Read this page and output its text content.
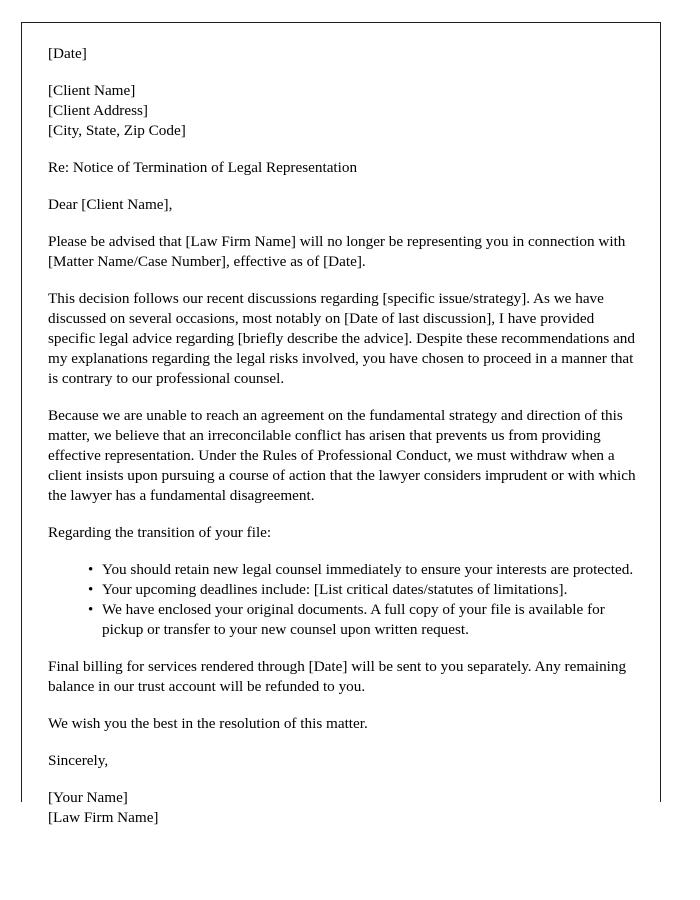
[Date]

[Client Name]
[Client Address]
[City, State, Zip Code]

Re: Notice of Termination of Legal Representation

Dear [Client Name],

Please be advised that [Law Firm Name] will no longer be representing you in connection with [Matter Name/Case Number], effective as of [Date].

This decision follows our recent discussions regarding [specific issue/strategy]. As we have discussed on several occasions, most notably on [Date of last discussion], I have provided specific legal advice regarding [briefly describe the advice]. Despite these recommendations and my explanations regarding the legal risks involved, you have chosen to proceed in a manner that is contrary to our professional counsel.

Because we are unable to reach an agreement on the fundamental strategy and direction of this matter, we believe that an irreconcilable conflict has arisen that prevents us from providing effective representation. Under the Rules of Professional Conduct, we must withdraw when a client insists upon pursuing a course of action that the lawyer considers imprudent or with which the lawyer has a fundamental disagreement.

Regarding the transition of your file:

• You should retain new legal counsel immediately to ensure your interests are protected.
• Your upcoming deadlines include: [List critical dates/statutes of limitations].
• We have enclosed your original documents. A full copy of your file is available for pickup or transfer to your new counsel upon written request.

Final billing for services rendered through [Date] will be sent to you separately. Any remaining balance in our trust account will be refunded to you.

We wish you the best in the resolution of this matter.

Sincerely,

[Your Name]
[Law Firm Name]
